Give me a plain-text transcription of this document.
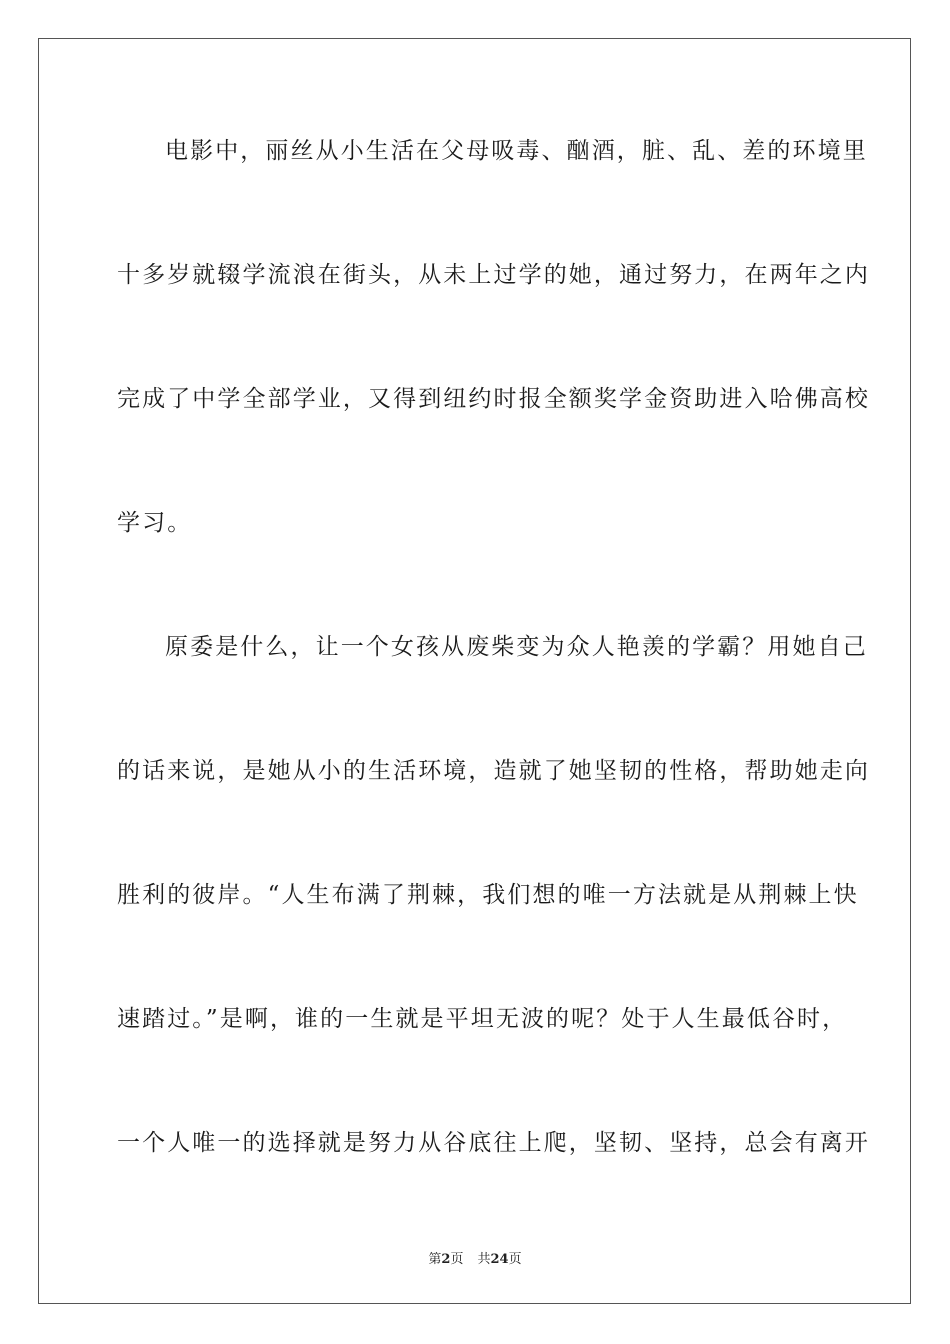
电影中，丽丝从小生活在父母吸毒、酗酒，脏、乱、差的环境里
十多岁就辍学流浪在街头，从未上过学的她，通过努力，在两年之内
完成了中学全部学业，又得到纽约时报全额奖学金资助进入哈佛高校
学习。
原委是什么，让一个女孩从废柴变为众人艳羡的学霸？用她自己
的话来说，是她从小的生活环境，造就了她坚韧的性格，帮助她走向
胜利的彼岸。“人生布满了荆棘，我们想的唯一方法就是从荆棘上快
速踏过。”是啊，谁的一生就是平坦无波的呢？处于人生最低谷时，
一个人唯一的选择就是努力从谷底往上爬，坚韧、坚持，总会有离开
第2页 共24页
